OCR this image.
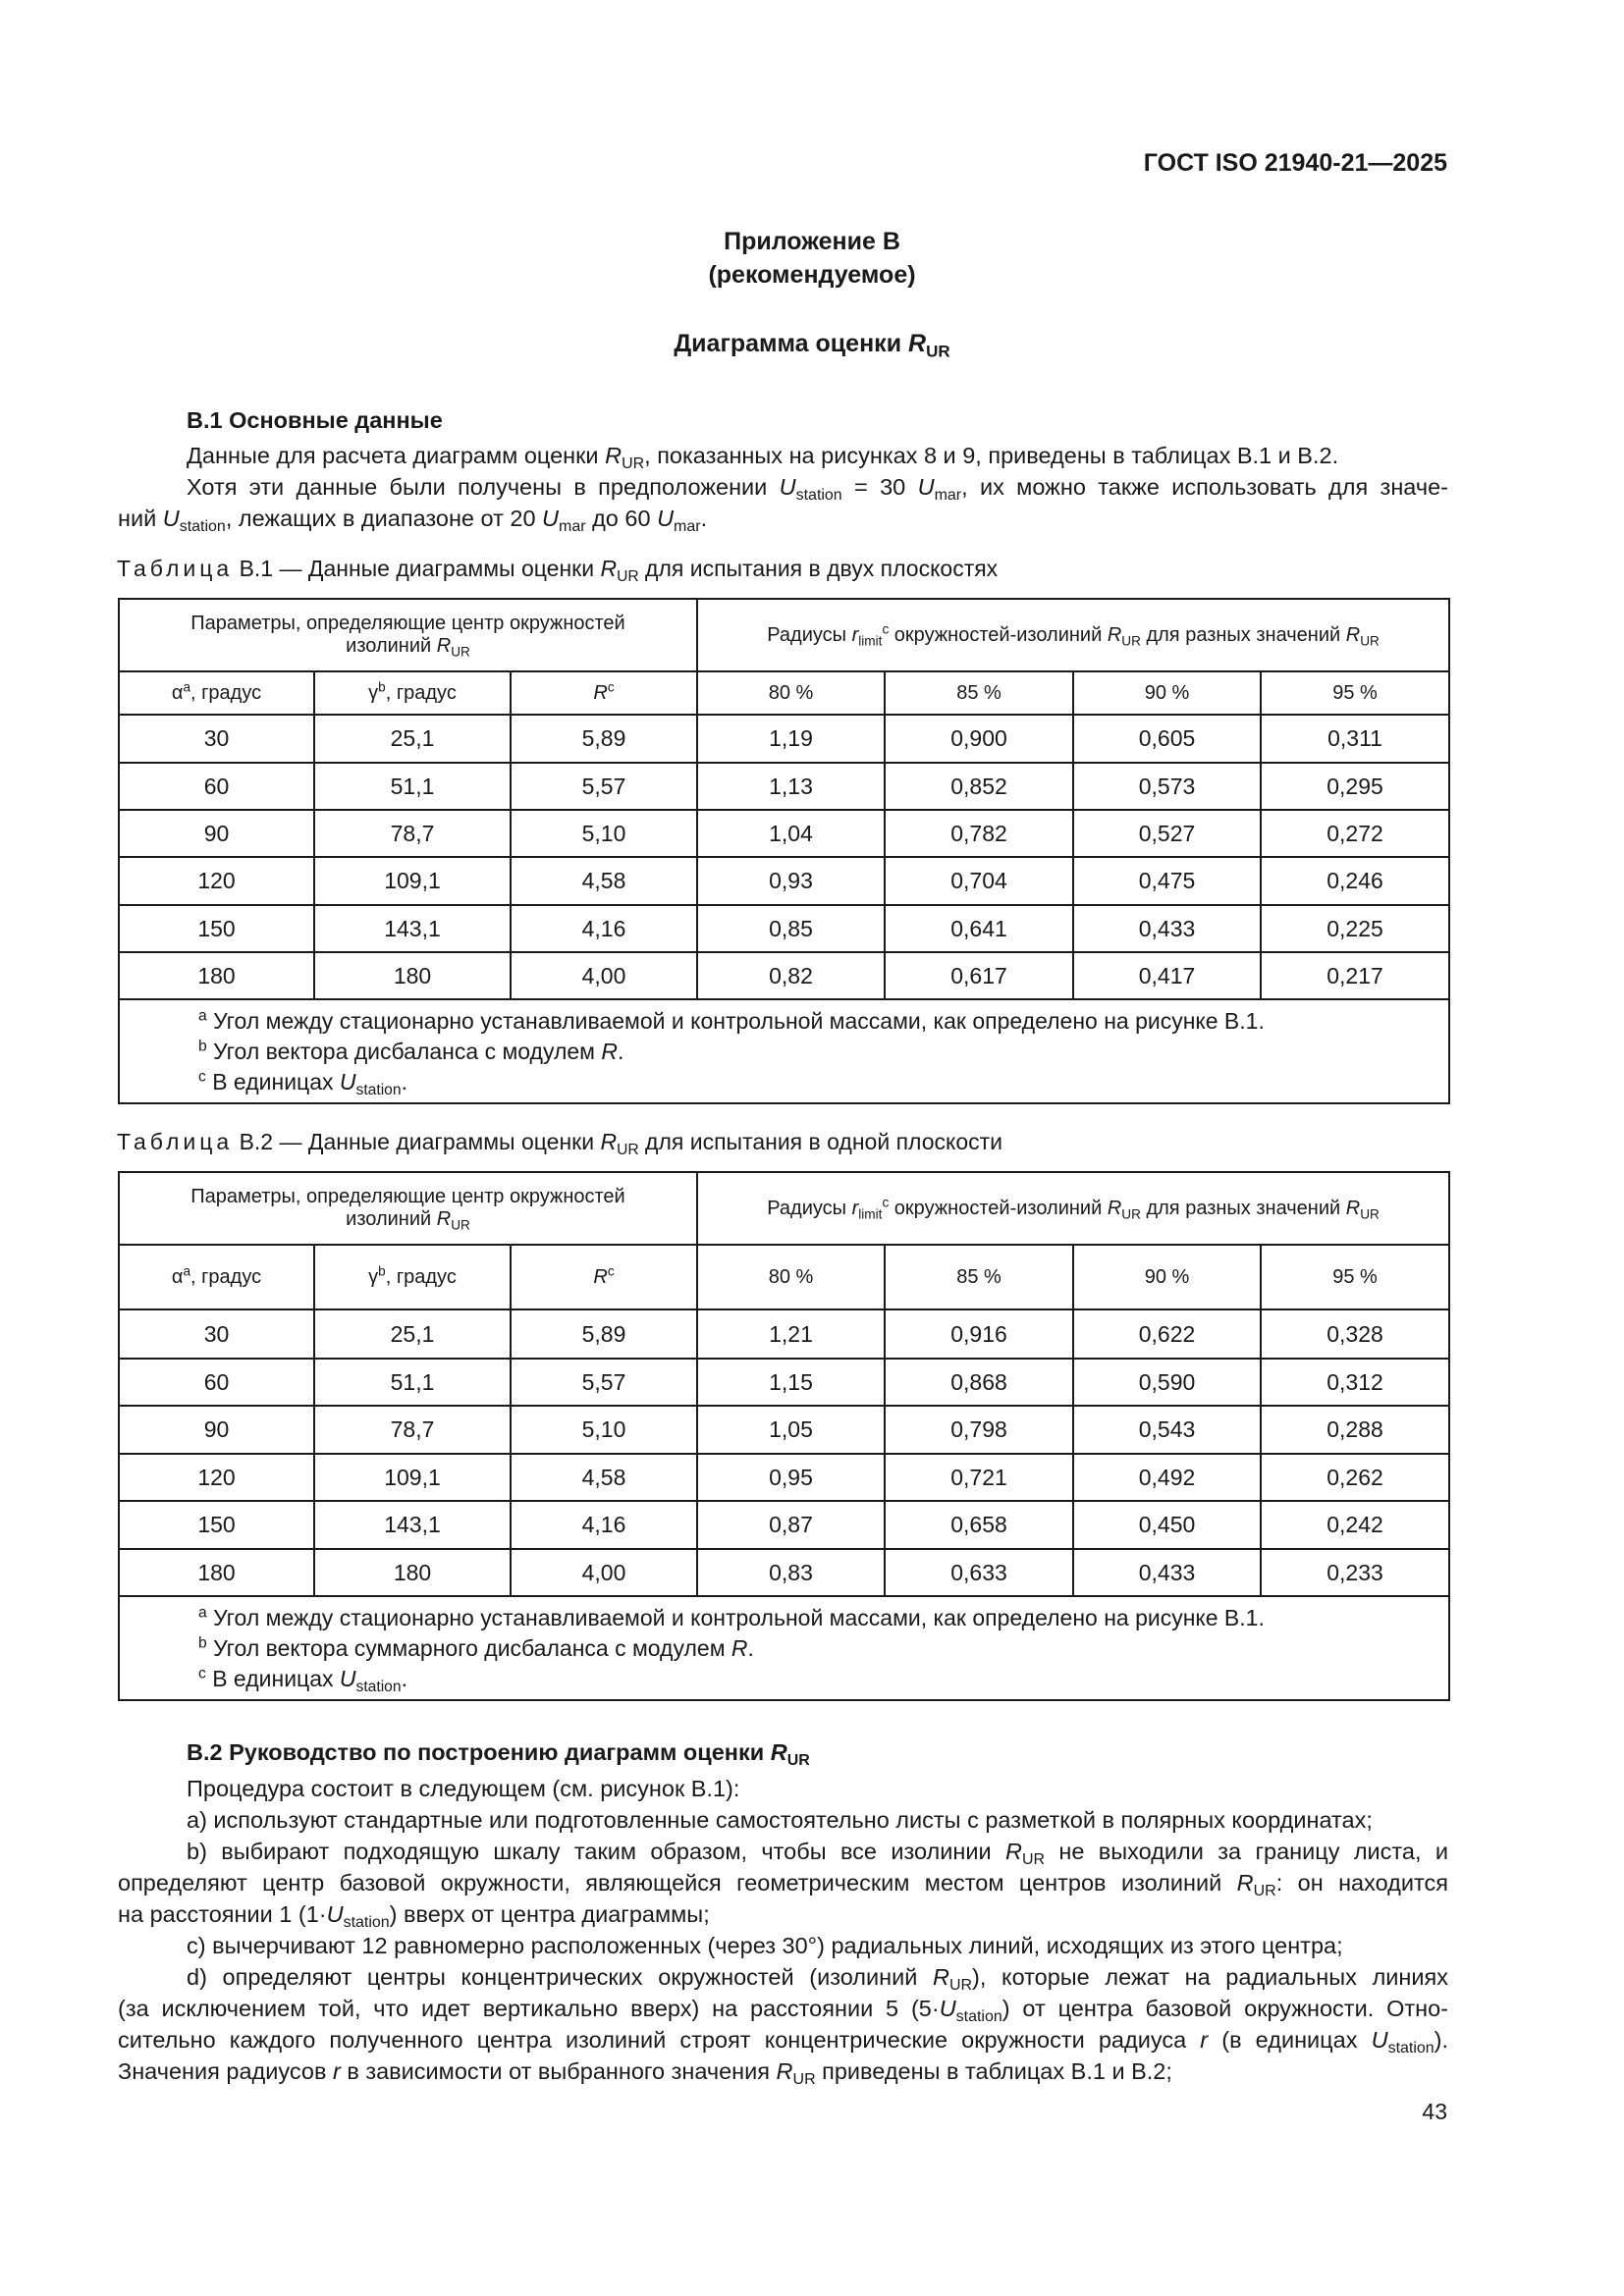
ГОСТ ISO 21940-21—2025
Приложение В
(рекомендуемое)
Диаграмма оценки $R_{UR}$
В.1 Основные данные
Данные для расчета диаграмм оценки $R_{UR}$, показанных на рисунках 8 и 9, приведены в таблицах В.1 и В.2.
Хотя эти данные были получены в предположении $U_{station} = 30$ $U_{mar}$, их можно также использовать для значе-
ний $U_{station}$, лежащих в диапазоне от 20 $U_{mar}$ до 60 $U_{mar}$.
Таблица В.1 — Данные диаграммы оценки $R_{UR}$ для испытания в двух плоскостях
Параметры, определяющие центр окружностей
изолиний $R_{UR}$			Радиусы $r_{limit}^c$ окружностей-изолиний $R_{UR}$ для разных значений $R_{UR}$
$\alpha^a$, градус	$\gamma^b$, градус	$R^c$	80 %	85 %	90 %	95 %
30	25,1	5,89	1,19	0,900	0,605	0,311
60	51,1	5,57	1,13	0,852	0,573	0,295
90	78,7	5,10	1,04	0,782	0,527	0,272
120	109,1	4,58	0,93	0,704	0,475	0,246
150	143,1	4,16	0,85	0,641	0,433	0,225
180	180	4,00	0,82	0,617	0,417	0,217

$^a$ Угол между стационарно устанавливаемой и контрольной массами, как определено на рисунке В.1.
$^b$ Угол вектора дисбаланса с модулем R.
$^c$ В единицах $U_{station}$.						
Таблица В.2 — Данные диаграммы оценки $R_{UR}$ для испытания в одной плоскости
Параметры, определяющие центр окружностей
изолиний $R_{UR}$			Радиусы $r_{limit}^c$ окружностей-изолиний $R_{UR}$ для разных значений $R_{UR}$
$\alpha^a$, градус	$\gamma^b$, градус	$R^c$	80 %	85 %	90 %	95 %
30	25,1	5,89	1,21	0,916	0,622	0,328
60	51,1	5,57	1,15	0,868	0,590	0,312
90	78,7	5,10	1,05	0,798	0,543	0,288
120	109,1	4,58	0,95	0,721	0,492	0,262
150	143,1	4,16	0,87	0,658	0,450	0,242
180	180	4,00	0,83	0,633	0,433	0,233

$^a$ Угол между стационарно устанавливаемой и контрольной массами, как определено на рисунке В.1.
$^b$ Угол вектора суммарного дисбаланса с модулем R.
$^c$ В единицах $U_{station}$.						
В.2 Руководство по построению диаграмм оценки $R_{UR}$
Процедура состоит в следующем (см. рисунок В.1):
а) используют стандартные или подготовленные самостоятельно листы с разметкой в полярных координатах;
b) выбирают подходящую шкалу таким образом, чтобы все изолинии $R_{UR}$ не выходили за границу листа, и
определяют центр базовой окружности, являющейся геометрическим местом центров изолиний $R_{UR}$: он находится
на расстоянии 1 $(1\cdot U_{station})$ вверх от центра диаграммы;
с) вычерчивают 12 равномерно расположенных (через 30°) радиальных линий, исходящих из этого центра;
d) определяют центры концентрических окружностей (изолиний $R_{UR}$), которые лежат на радиальных линиях
(за исключением той, что идет вертикально вверх) на расстоянии 5 $(5\cdot U_{station})$ от центра базовой окружности. Отно-
сительно каждого полученного центра изолиний строят концентрические окружности радиуса r (в единицах $U_{station}$).
Значения радиусов r в зависимости от выбранного значения $R_{UR}$ приведены в таблицах В.1 и В.2;
43
